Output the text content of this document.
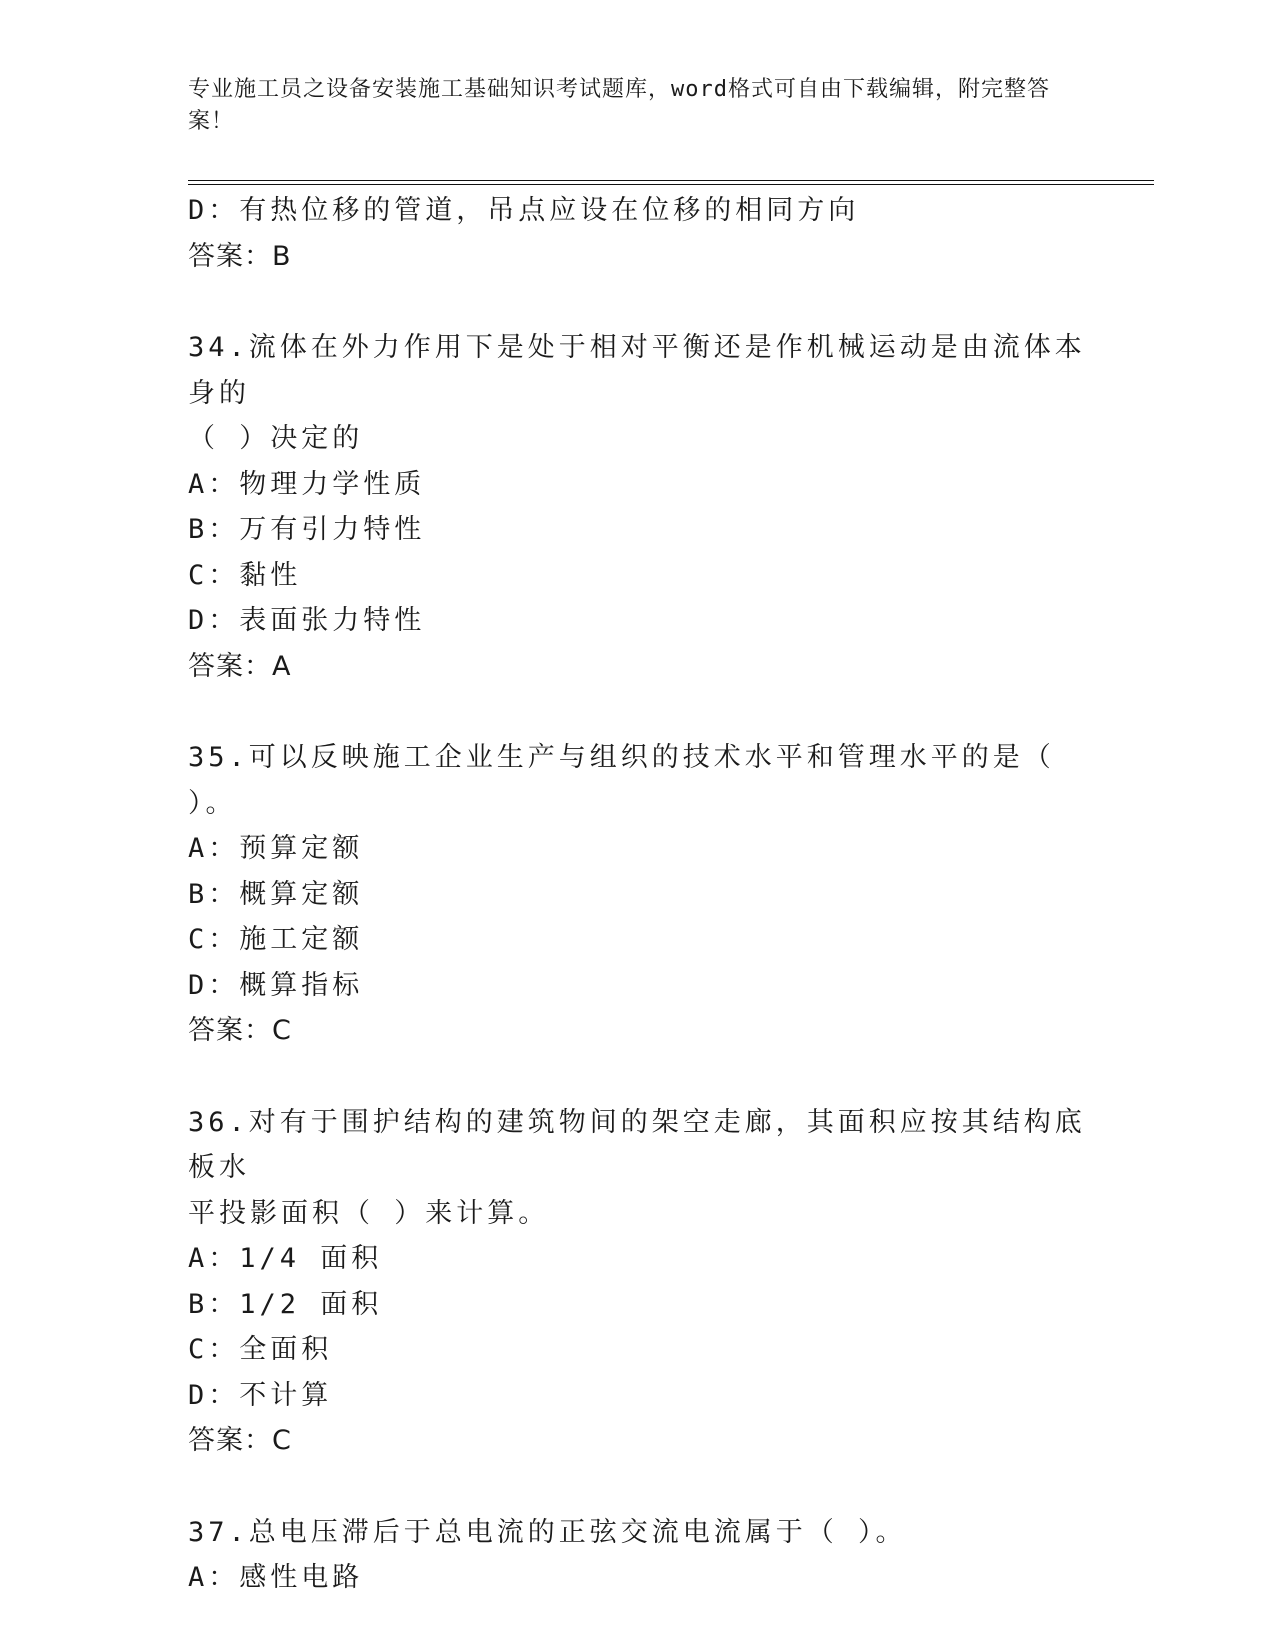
专业施工员之设备安装施工基础知识考试题库，word格式可自由下载编辑，附完整答案！
D：有热位移的管道，吊点应设在位移的相同方向
答案：B
34.流体在外力作用下是处于相对平衡还是作机械运动是由流体本身的
（ ）决定的
A：物理力学性质
B：万有引力特性
C：黏性
D：表面张力特性
答案：A
35.可以反映施工企业生产与组织的技术水平和管理水平的是（ ）。
A：预算定额
B：概算定额
C：施工定额
D：概算指标
答案：C
36.对有于围护结构的建筑物间的架空走廊，其面积应按其结构底板水
平投影面积（ ）来计算。
A：1/4 面积
B：1/2 面积
C：全面积
D：不计算
答案：C
37.总电压滞后于总电流的正弦交流电流属于（ ）。
A：感性电路
